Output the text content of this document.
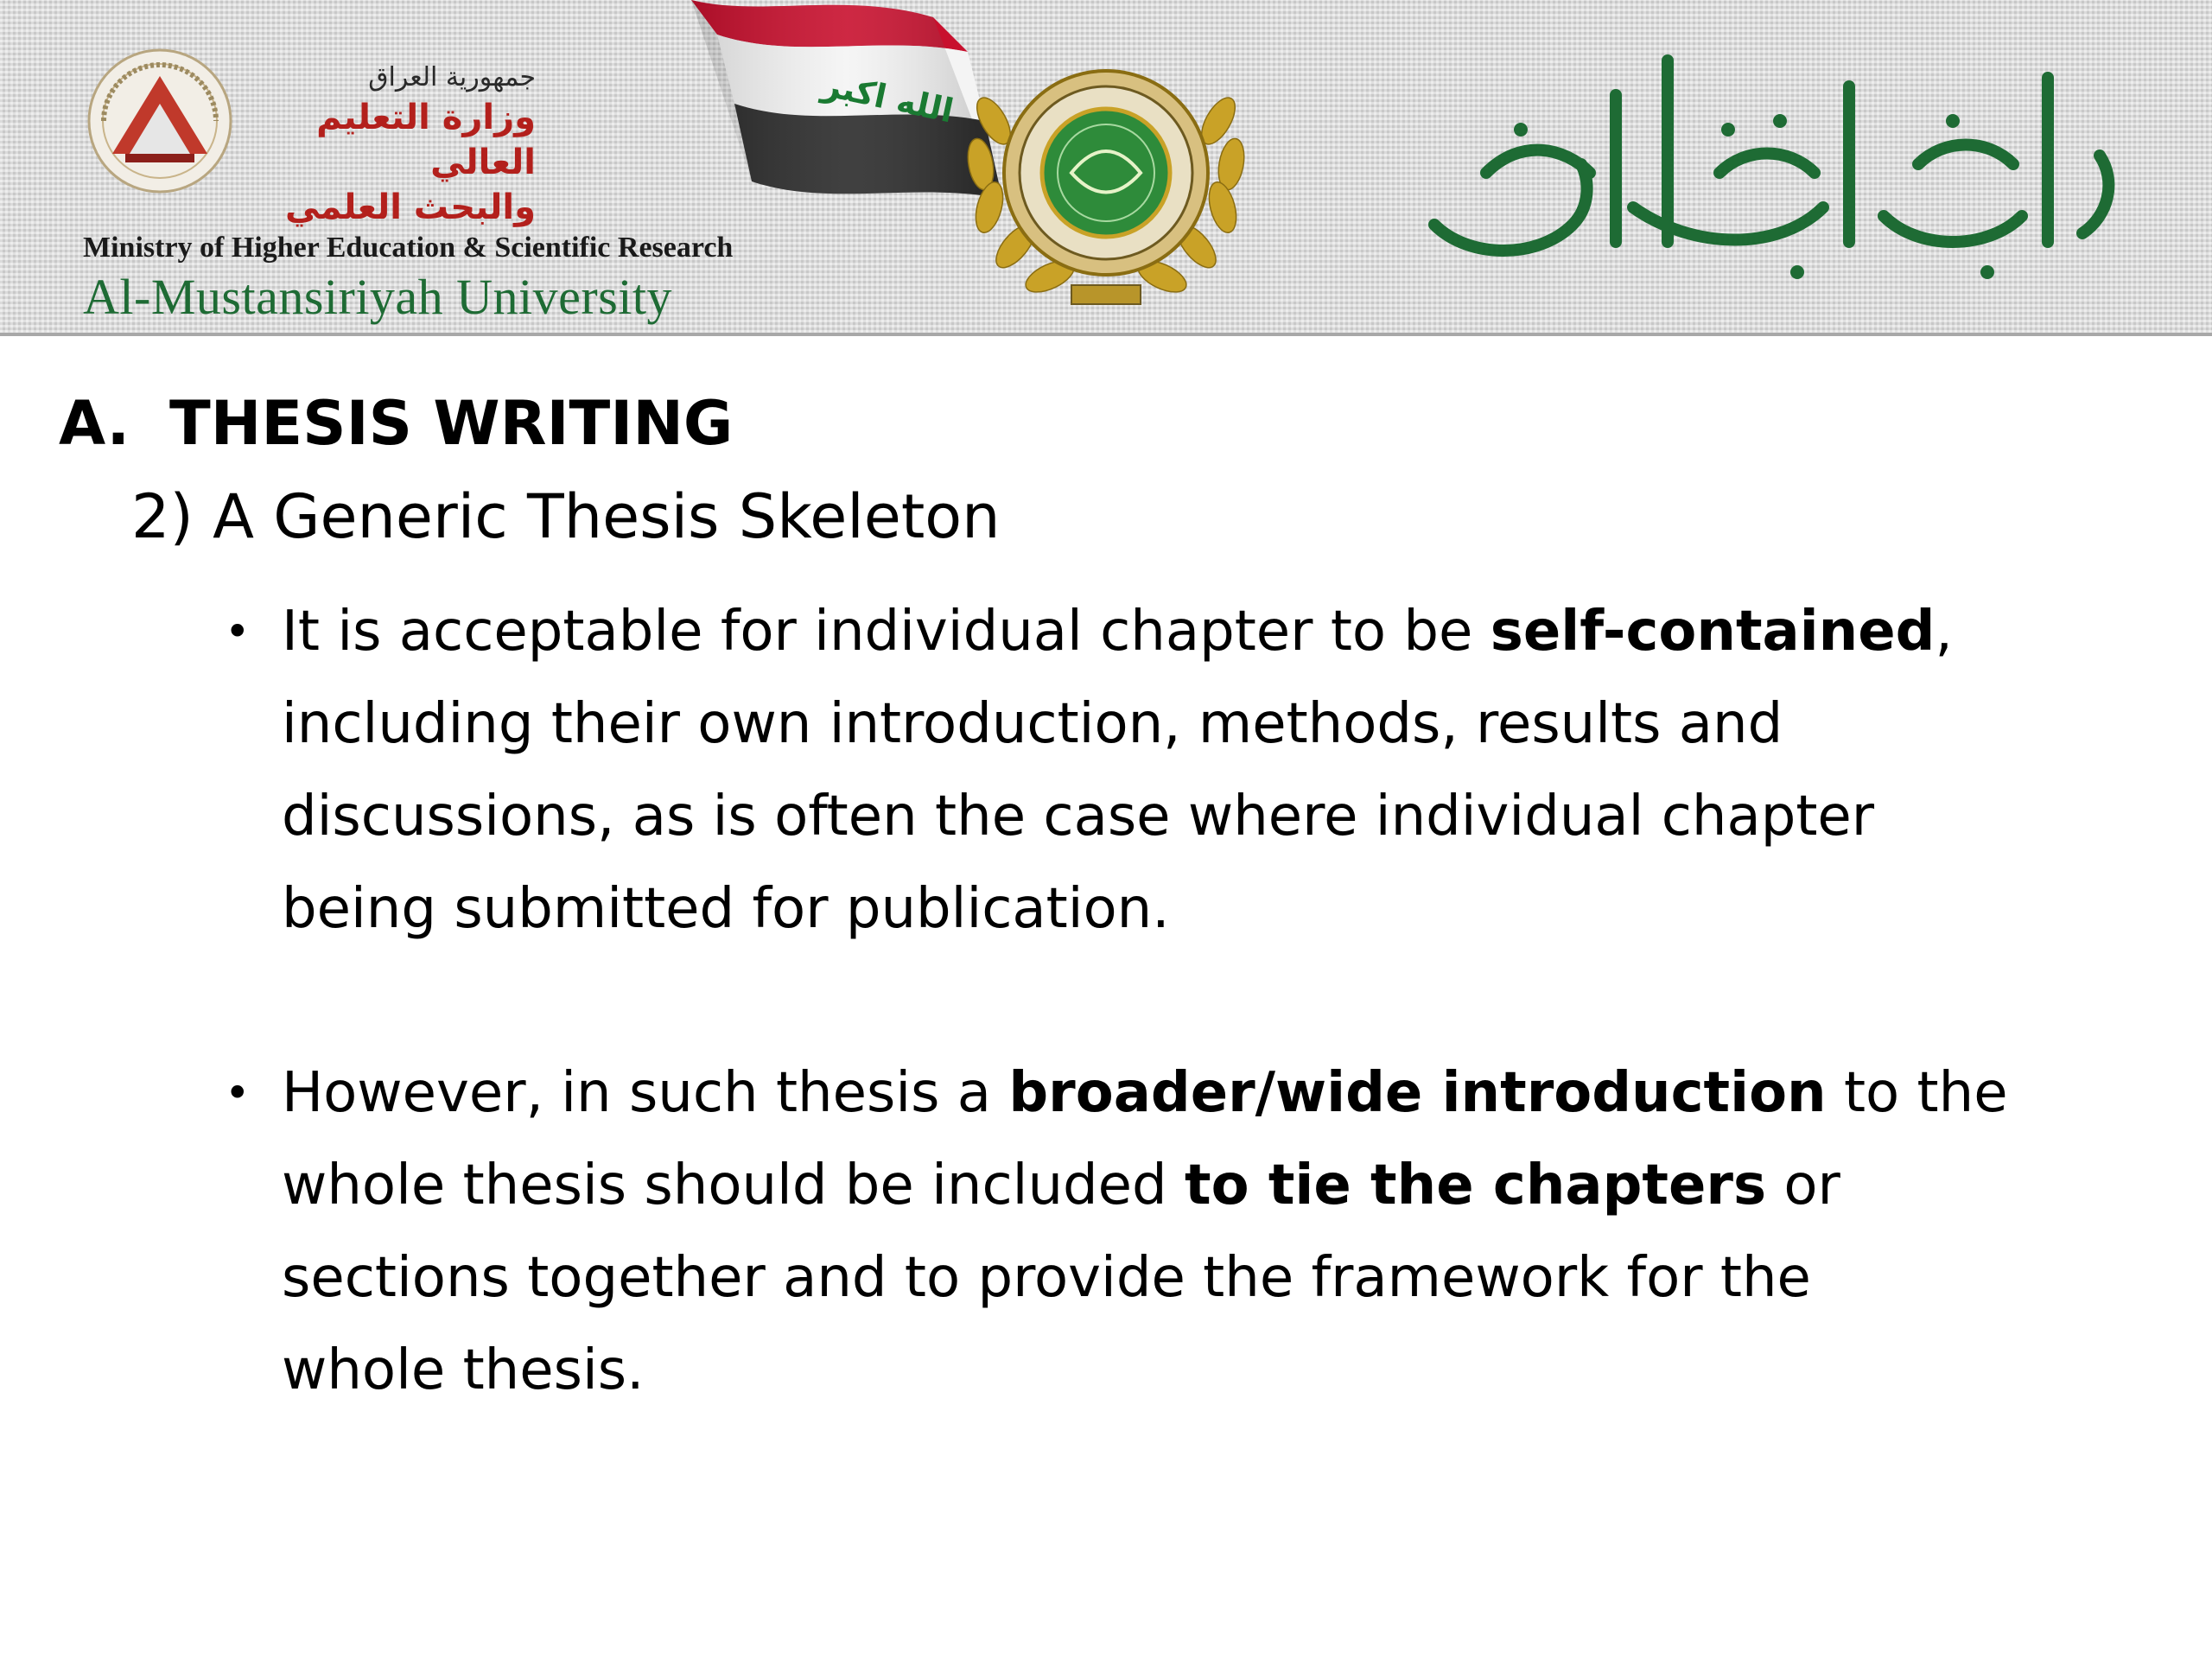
جمهورية العراق
وزارة التعليم العالي
والبحث العلمي
Ministry of Higher Education & Scientific Research
Al-Mustansiriyah University
الله اكبر
A. THESIS WRITING
2) A Generic Thesis Skeleton
• It is acceptable for individual chapter to be self-contained,
including their own introduction, methods, results and
discussions, as is often the case where individual chapter
being submitted for publication.
• However, in such thesis a broader/wide introduction to the
whole thesis should be included to tie the chapters or
sections together and to provide the framework for the
whole thesis.
